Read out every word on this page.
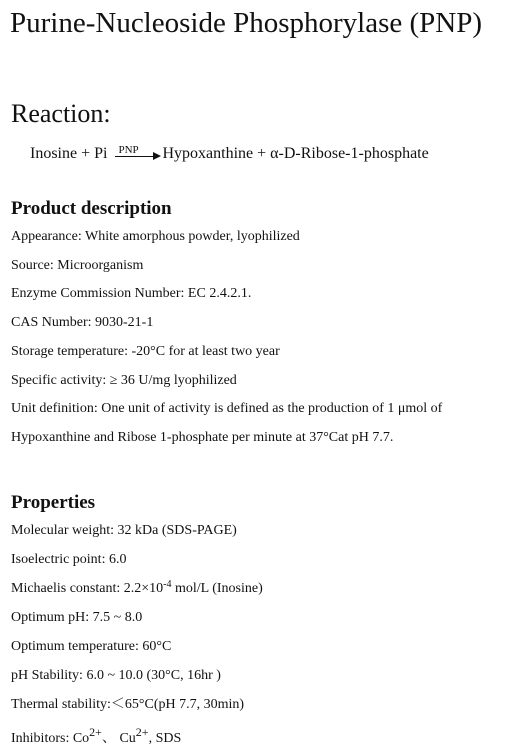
Purine-Nucleoside Phosphorylase (PNP)
Reaction:
Inosine + Pi PNP Hypoxanthine + α-D-Ribose-1-phosphate
Product description
Appearance: White amorphous powder, lyophilized
Source: Microorganism
Enzyme Commission Number: EC 2.4.2.1.
CAS Number: 9030-21-1
Storage temperature: -20°C for at least two year
Specific activity: ≥ 36 U/mg lyophilized
Unit definition: One unit of activity is defined as the production of 1 μmol of
Hypoxanthine and Ribose 1-phosphate per minute at 37°Cat pH 7.7.
Properties
Molecular weight: 32 kDa (SDS-PAGE)
Isoelectric point: 6.0
Michaelis constant: $2.2\times 10^{-4}$ mol/L (Inosine)
Optimum pH: 7.5 ~ 8.0
Optimum temperature: 60°C
pH Stability: 6.0 ~ 10.0 (30°C, 16hr )
Thermal stability:＜65°C(pH 7.7, 30min)
Inhibitors: $Co^{2+}$、 $Cu^{2+}$, SDS
